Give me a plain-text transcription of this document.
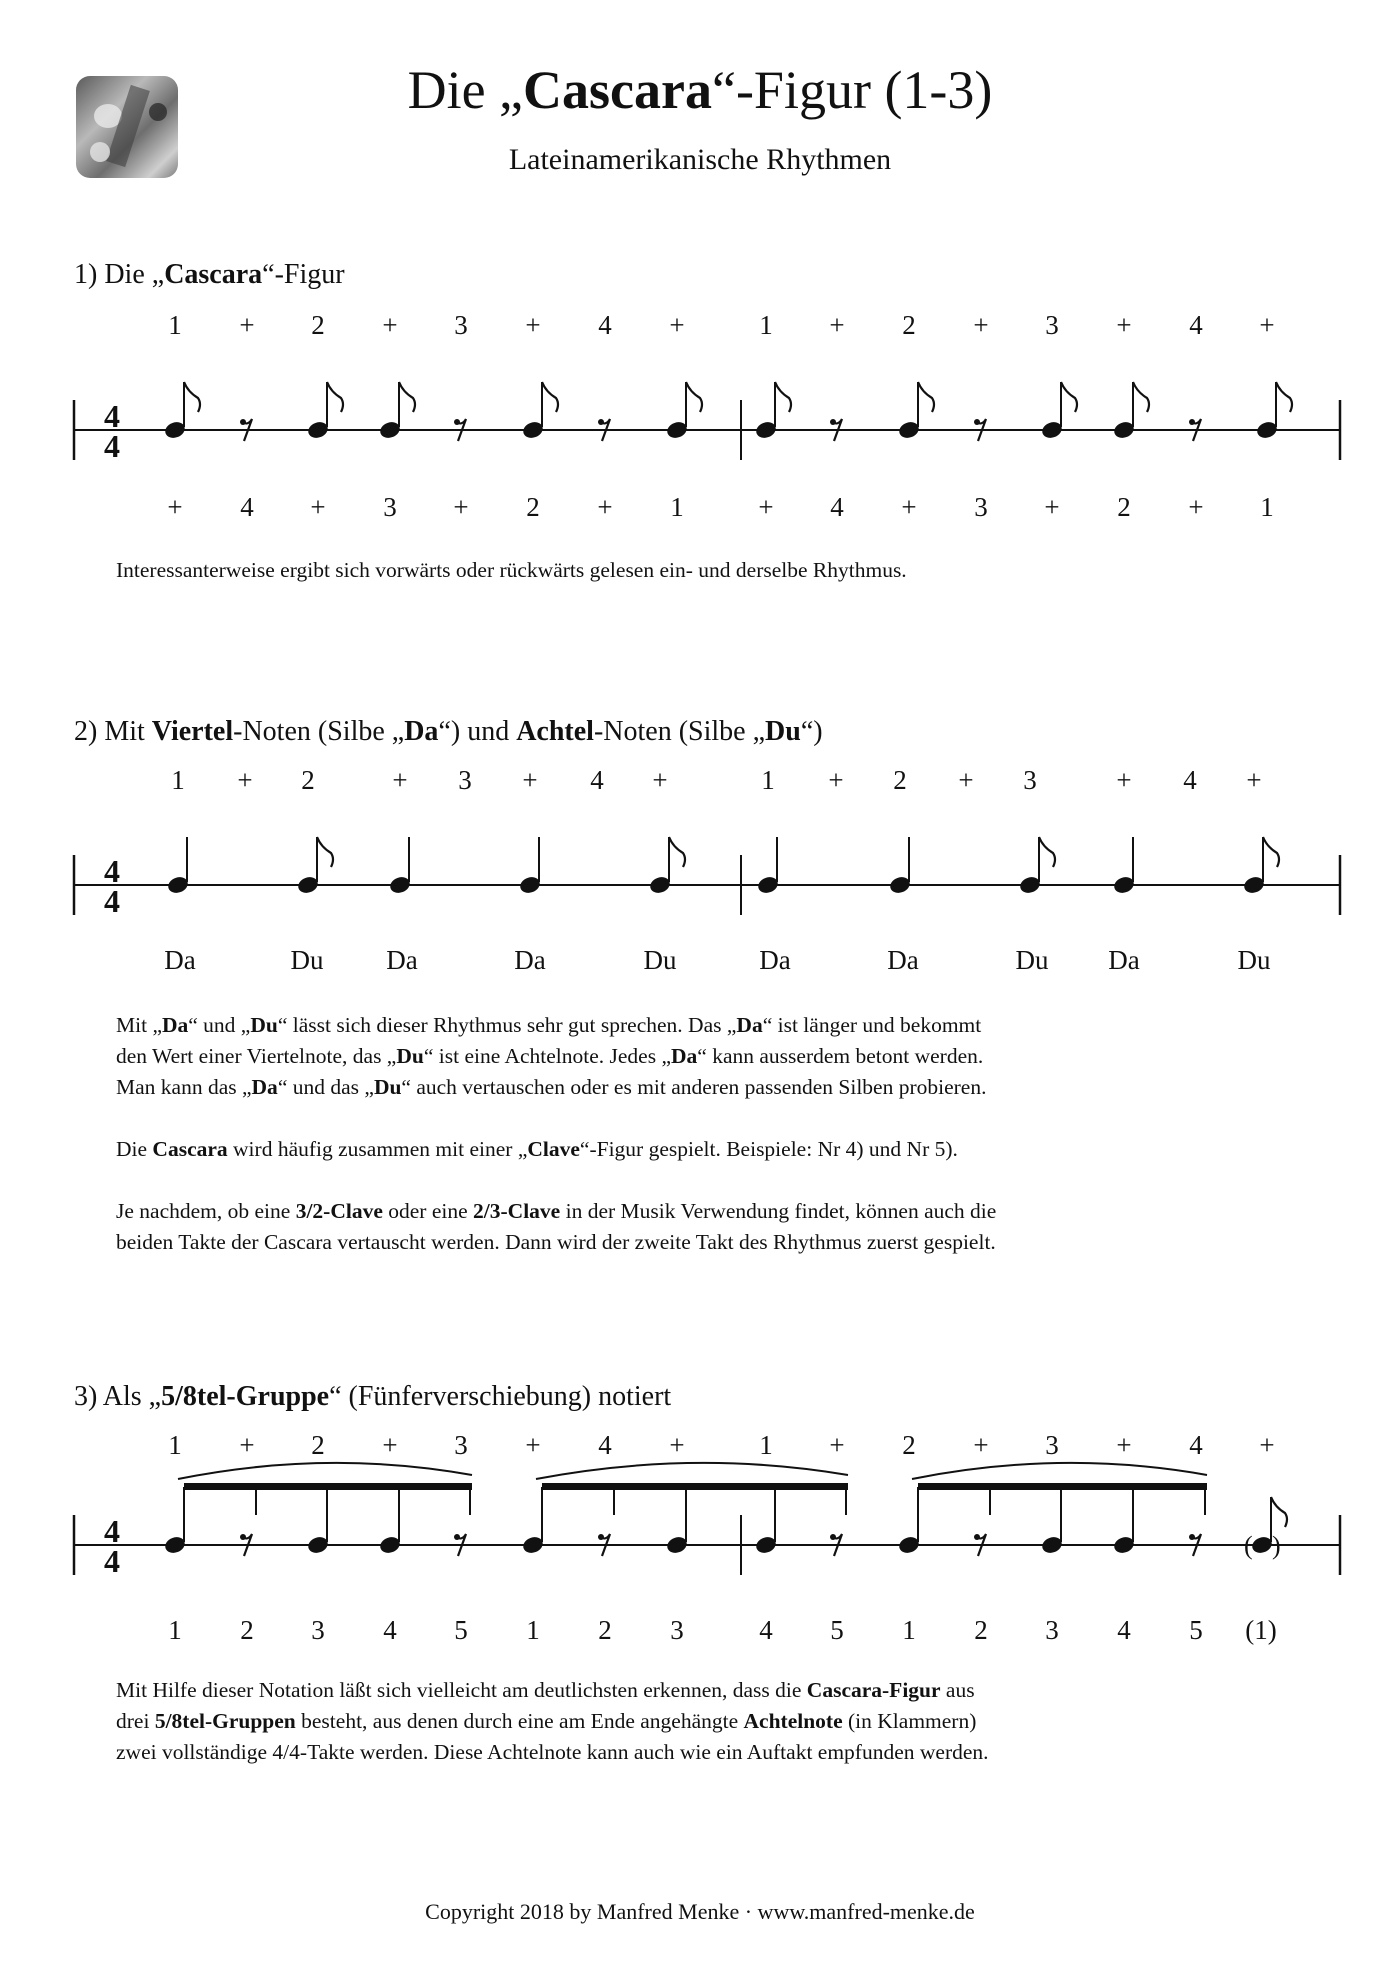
Die „Cascara“-Figur (1-3)
Lateinamerikanische Rhythmen
1) Die „Cascara“-Figur
1 + 2 + 3 + 4 +	1 + 2 + 3 + 4 +
4
4
+ 4 + 3 + 2 + 1	+ 4 + 3 + 2 + 1

Interessanterweise ergibt sich vorwärts oder rückwärts gelesen ein- und derselbe Rhythmus.

2) Mit Viertel-Noten (Silbe „Da“) und Achtel-Noten (Silbe „Du“)
1 + 2	+ 3 + 4 +	1 + 2 + 3	+ 4 +
4
4
Da	Du Da	Da	Du	Da	Da	Du Da	Du

Mit „Da“ und „Du“ lässt sich dieser Rhythmus sehr gut sprechen. Das „Da“ ist länger und bekommt
den Wert einer Viertelnote, das „Du“ ist eine Achtelnote. Jedes „Da“ kann ausserdem betont werden.
Man kann das „Da“ und das „Du“ auch vertauschen oder es mit anderen passenden Silben probieren.

Die Cascara wird häufig zusammen mit einer „Clave“-Figur gespielt. Beispiele: Nr 4) und Nr 5).

Je nachdem, ob eine 3/2-Clave oder eine 2/3-Clave in der Musik Verwendung findet, können auch die
beiden Takte der Cascara vertauscht werden. Dann wird der zweite Takt des Rhythmus zuerst gespielt.

3) Als „5/8tel-Gruppe“ (Fünferverschiebung) notiert
1 + 2 + 3 + 4 +	1 + 2 + 3 + 4 +
4
4	( )
1 2 3 4 5 1 2 3	4 5 1 2 3 4 5 (1)

Mit Hilfe dieser Notation läßt sich vielleicht am deutlichsten erkennen, dass die Cascara-Figur aus
drei 5/8tel-Gruppen besteht, aus denen durch eine am Ende angehängte Achtelnote (in Klammern)
zwei vollständige 4/4-Takte werden. Diese Achtelnote kann auch wie ein Auftakt empfunden werden.

Copyright 2018 by Manfred Menke · www.manfred-menke.de
